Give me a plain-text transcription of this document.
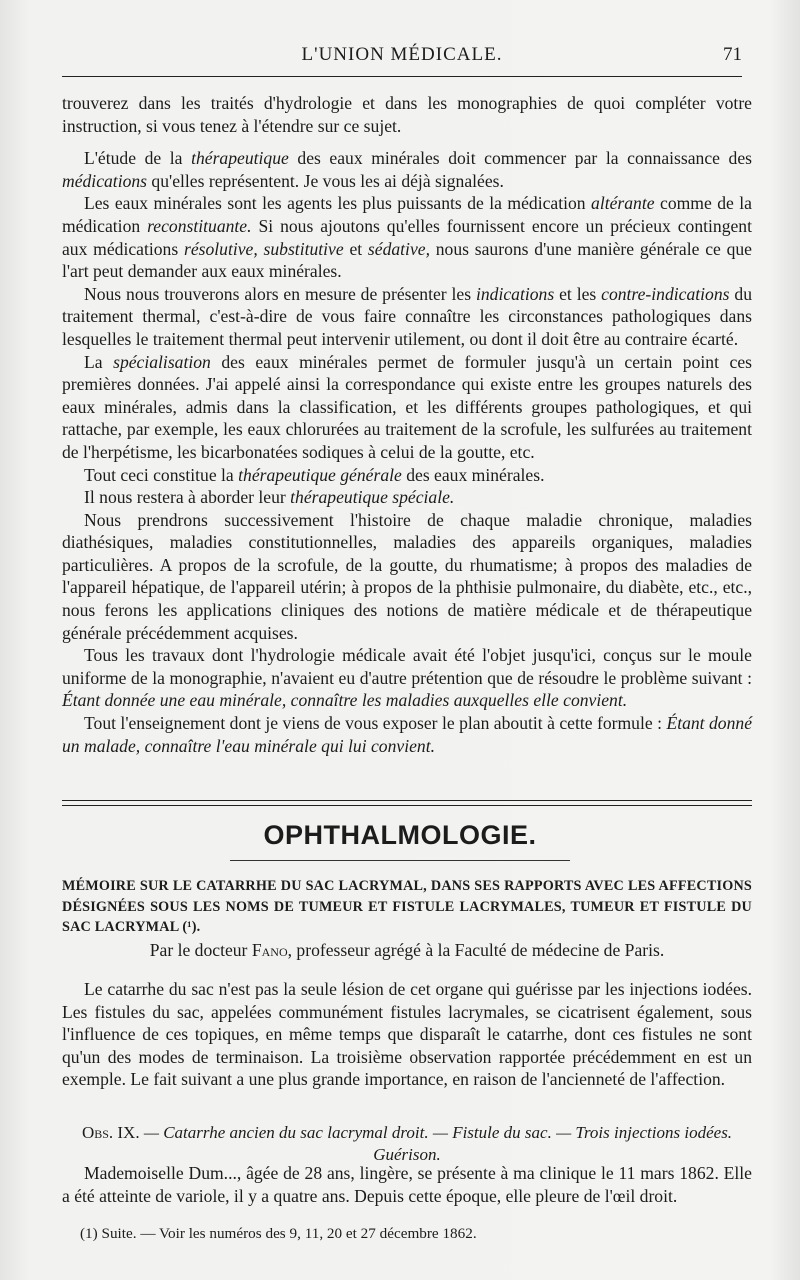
L'UNION MÉDICALE.	71

trouverez dans les traités d'hydrologie et dans les monographies de quoi compléter votre instruction, si vous tenez à l'étendre sur ce sujet.

L'étude de la thérapeutique des eaux minérales doit commencer par la connaissance des médications qu'elles représentent. Je vous les ai déjà signalées.

Les eaux minérales sont les agents les plus puissants de la médication altérante comme de la médication reconstituante. Si nous ajoutons qu'elles fournissent encore un précieux contingent aux médications résolutive, substitutive et sédative, nous saurons d'une manière générale ce que l'art peut demander aux eaux minérales.

Nous nous trouverons alors en mesure de présenter les indications et les contre-indications du traitement thermal, c'est-à-dire de vous faire connaître les circonstances pathologiques dans lesquelles le traitement thermal peut intervenir utilement, ou dont il doit être au contraire écarté.

La spécialisation des eaux minérales permet de formuler jusqu'à un certain point ces premières données. J'ai appelé ainsi la correspondance qui existe entre les groupes naturels des eaux minérales, admis dans la classification, et les différents groupes pathologiques, et qui rattache, par exemple, les eaux chlorurées au traitement de la scrofule, les sulfurées au traitement de l'herpétisme, les bicarbonatées sodiques à celui de la goutte, etc.

Tout ceci constitue la thérapeutique générale des eaux minérales.

Il nous restera à aborder leur thérapeutique spéciale.

Nous prendrons successivement l'histoire de chaque maladie chronique, maladies diathésiques, maladies constitutionnelles, maladies des appareils organiques, maladies particulières. A propos de la scrofule, de la goutte, du rhumatisme; à propos des maladies de l'appareil hépatique, de l'appareil utérin; à propos de la phthisie pulmonaire, du diabète, etc., etc., nous ferons les applications cliniques des notions de matière médicale et de thérapeutique générale précédemment acquises.

Tous les travaux dont l'hydrologie médicale avait été l'objet jusqu'ici, conçus sur le moule uniforme de la monographie, n'avaient eu d'autre prétention que de résoudre le problème suivant : Étant donnée une eau minérale, connaître les maladies auxquelles elle convient.

Tout l'enseignement dont je viens de vous exposer le plan aboutit à cette formule : Étant donné un malade, connaître l'eau minérale qui lui convient.

OPHTHALMOLOGIE.
MÉMOIRE SUR LE CATARRHE DU SAC LACRYMAL, DANS SES RAPPORTS AVEC LES AFFECTIONS DÉSIGNÉES SOUS LES NOMS DE TUMEUR ET FISTULE LACRYMALES, TUMEUR ET FISTULE DU SAC LACRYMAL (¹).
Par le docteur Fano, professeur agrégé à la Faculté de médecine de Paris.

Le catarrhe du sac n'est pas la seule lésion de cet organe qui guérisse par les injections iodées. Les fistules du sac, appelées communément fistules lacrymales, se cicatrisent également, sous l'influence de ces topiques, en même temps que disparaît le catarrhe, dont ces fistules ne sont qu'un des modes de terminaison. La troisième observation rapportée précédemment en est un exemple. Le fait suivant a une plus grande importance, en raison de l'ancienneté de l'affection.

Obs. IX. — Catarrhe ancien du sac lacrymal droit. — Fistule du sac. — Trois injections iodées. Guérison.

Mademoiselle Dum..., âgée de 28 ans, lingère, se présente à ma clinique le 11 mars 1862. Elle a été atteinte de variole, il y a quatre ans. Depuis cette époque, elle pleure de l'œil droit.

(1) Suite. — Voir les numéros des 9, 11, 20 et 27 décembre 1862.
